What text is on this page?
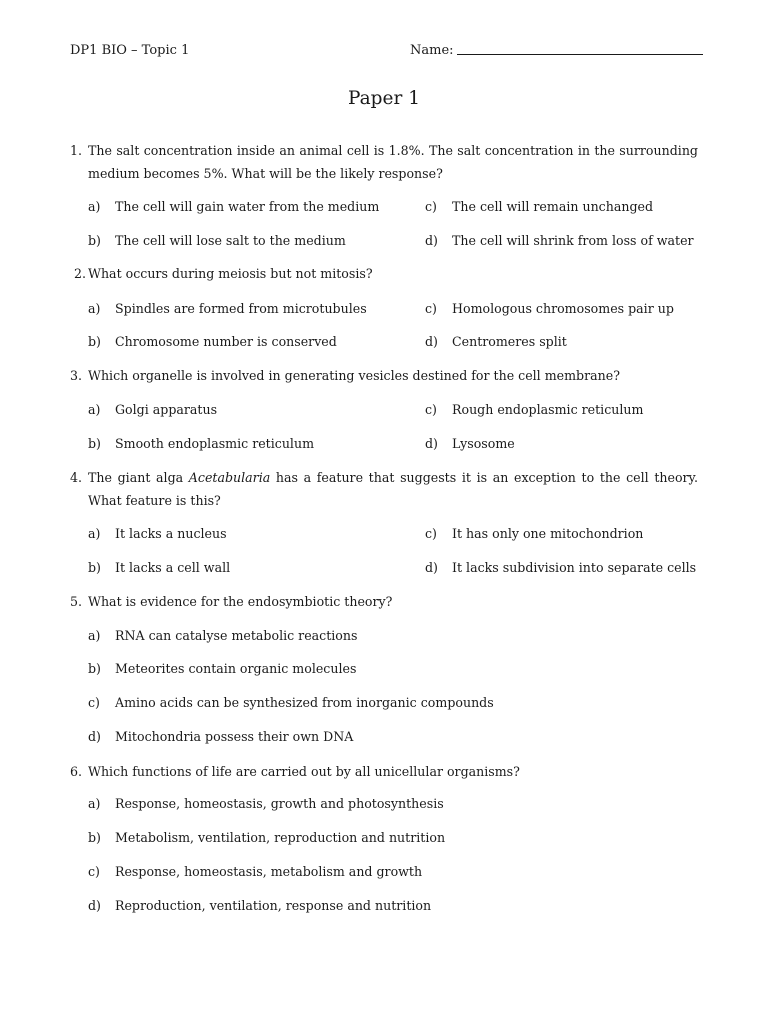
DP1 BIO – Topic 1	Name:
Paper 1
1. The salt concentration inside an animal cell is 1.8%. The salt concentration in the surrounding medium becomes 5%. What will be the likely response?
a) The cell will gain water from the medium	c) The cell will remain unchanged
b) The cell will lose salt to the medium	d) The cell will shrink from loss of water
2. What occurs during meiosis but not mitosis?
a) Spindles are formed from microtubules	c) Homologous chromosomes pair up
b) Chromosome number is conserved	d) Centromeres split
3. Which organelle is involved in generating vesicles destined for the cell membrane?
a) Golgi apparatus	c) Rough endoplasmic reticulum
b) Smooth endoplasmic reticulum	d) Lysosome
4. The giant alga Acetabularia has a feature that suggests it is an exception to the cell theory. What feature is this?
a) It lacks a nucleus	c) It has only one mitochondrion
b) It lacks a cell wall	d) It lacks subdivision into separate cells
5. What is evidence for the endosymbiotic theory?
a) RNA can catalyse metabolic reactions
b) Meteorites contain organic molecules
c) Amino acids can be synthesized from inorganic compounds
d) Mitochondria possess their own DNA
6. Which functions of life are carried out by all unicellular organisms?
a) Response, homeostasis, growth and photosynthesis
b) Metabolism, ventilation, reproduction and nutrition
c) Response, homeostasis, metabolism and growth
d) Reproduction, ventilation, response and nutrition
